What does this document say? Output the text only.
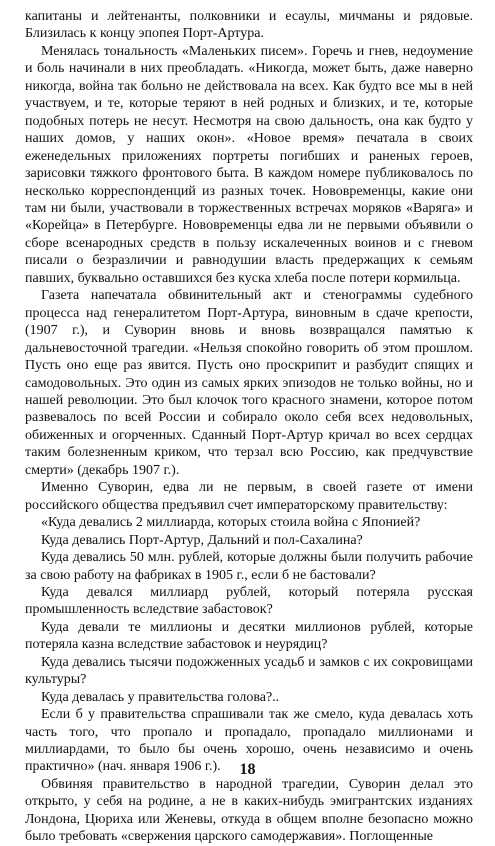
капитаны и лейтенанты, полковники и есаулы, мичманы и рядовые. Близилась к концу эпопея Порт-Артура.

Менялась тональность «Маленьких писем». Горечь и гнев, недоумение и боль начинали в них преобладать. «Никогда, может быть, даже наверно никогда, война так больно не действовала на всех. Как будто все мы в ней участвуем, и те, которые теряют в ней родных и близких, и те, которые подобных потерь не несут. Несмотря на свою дальность, она как будто у наших домов, у наших окон». «Новое время» печатала в своих еженедельных приложениях портреты погибших и раненых героев, зарисовки тяжкого фронтового быта. В каждом номере публиковалось по несколько корреспонденций из разных точек. Нововременцы, какие они там ни были, участвовали в торжественных встречах моряков «Варяга» и «Корейца» в Петербурге. Нововременцы едва ли не первыми объявили о сборе всенародных средств в пользу искалеченных воинов и с гневом писали о безразличии и равнодушии власть предержащих к семьям павших, буквально оставшихся без куска хлеба после потери кормильца.

Газета напечатала обвинительный акт и стенограммы судебного процесса над генералитетом Порт-Артура, виновным в сдаче крепости, (1907 г.), и Суворин вновь и вновь возвращался памятью к дальневосточной трагедии. «Нельзя спокойно говорить об этом прошлом. Пусть оно еще раз явится. Пусть оно проскрипит и разбудит спящих и самодовольных. Это один из самых ярких эпизодов не только войны, но и нашей революции. Это был клочок того красного знамени, которое потом развевалось по всей России и собирало около себя всех недовольных, обиженных и огорченных. Сданный Порт-Артур кричал во всех сердцах таким болезненным криком, что терзал всю Россию, как предчувствие смерти» (декабрь 1907 г.).

Именно Суворин, едва ли не первым, в своей газете от имени российского общества предъявил счет императорскому правительству:

«Куда девались 2 миллиарда, которых стоила война с Японией?

Куда девались Порт-Артур, Дальний и пол-Сахалина?

Куда девались 50 млн. рублей, которые должны были получить рабочие за свою работу на фабриках в 1905 г., если б не бастовали?

Куда девался миллиард рублей, который потеряла русская промышленность вследствие забастовок?

Куда девали те миллионы и десятки миллионов рублей, которые потеряла казна вследствие забастовок и неурядиц?

Куда девались тысячи подожженных усадьб и замков с их сокровищами культуры?

Куда девалась у правительства голова?..

Если б у правительства спрашивали так же смело, куда девалась хоть часть того, что пропало и пропадало, пропадало миллионами и миллиардами, то было бы очень хорошо, очень независимо и очень практично» (нач. января 1906 г.).

Обвиняя правительство в народной трагедии, Суворин делал это открыто, у себя на родине, а не в каких-нибудь эмигрантских изданиях Лондона, Цюриха или Женевы, откуда в общем вполне безопасно можно было требовать «свержения царского самодержавия». Поглощенные

18
